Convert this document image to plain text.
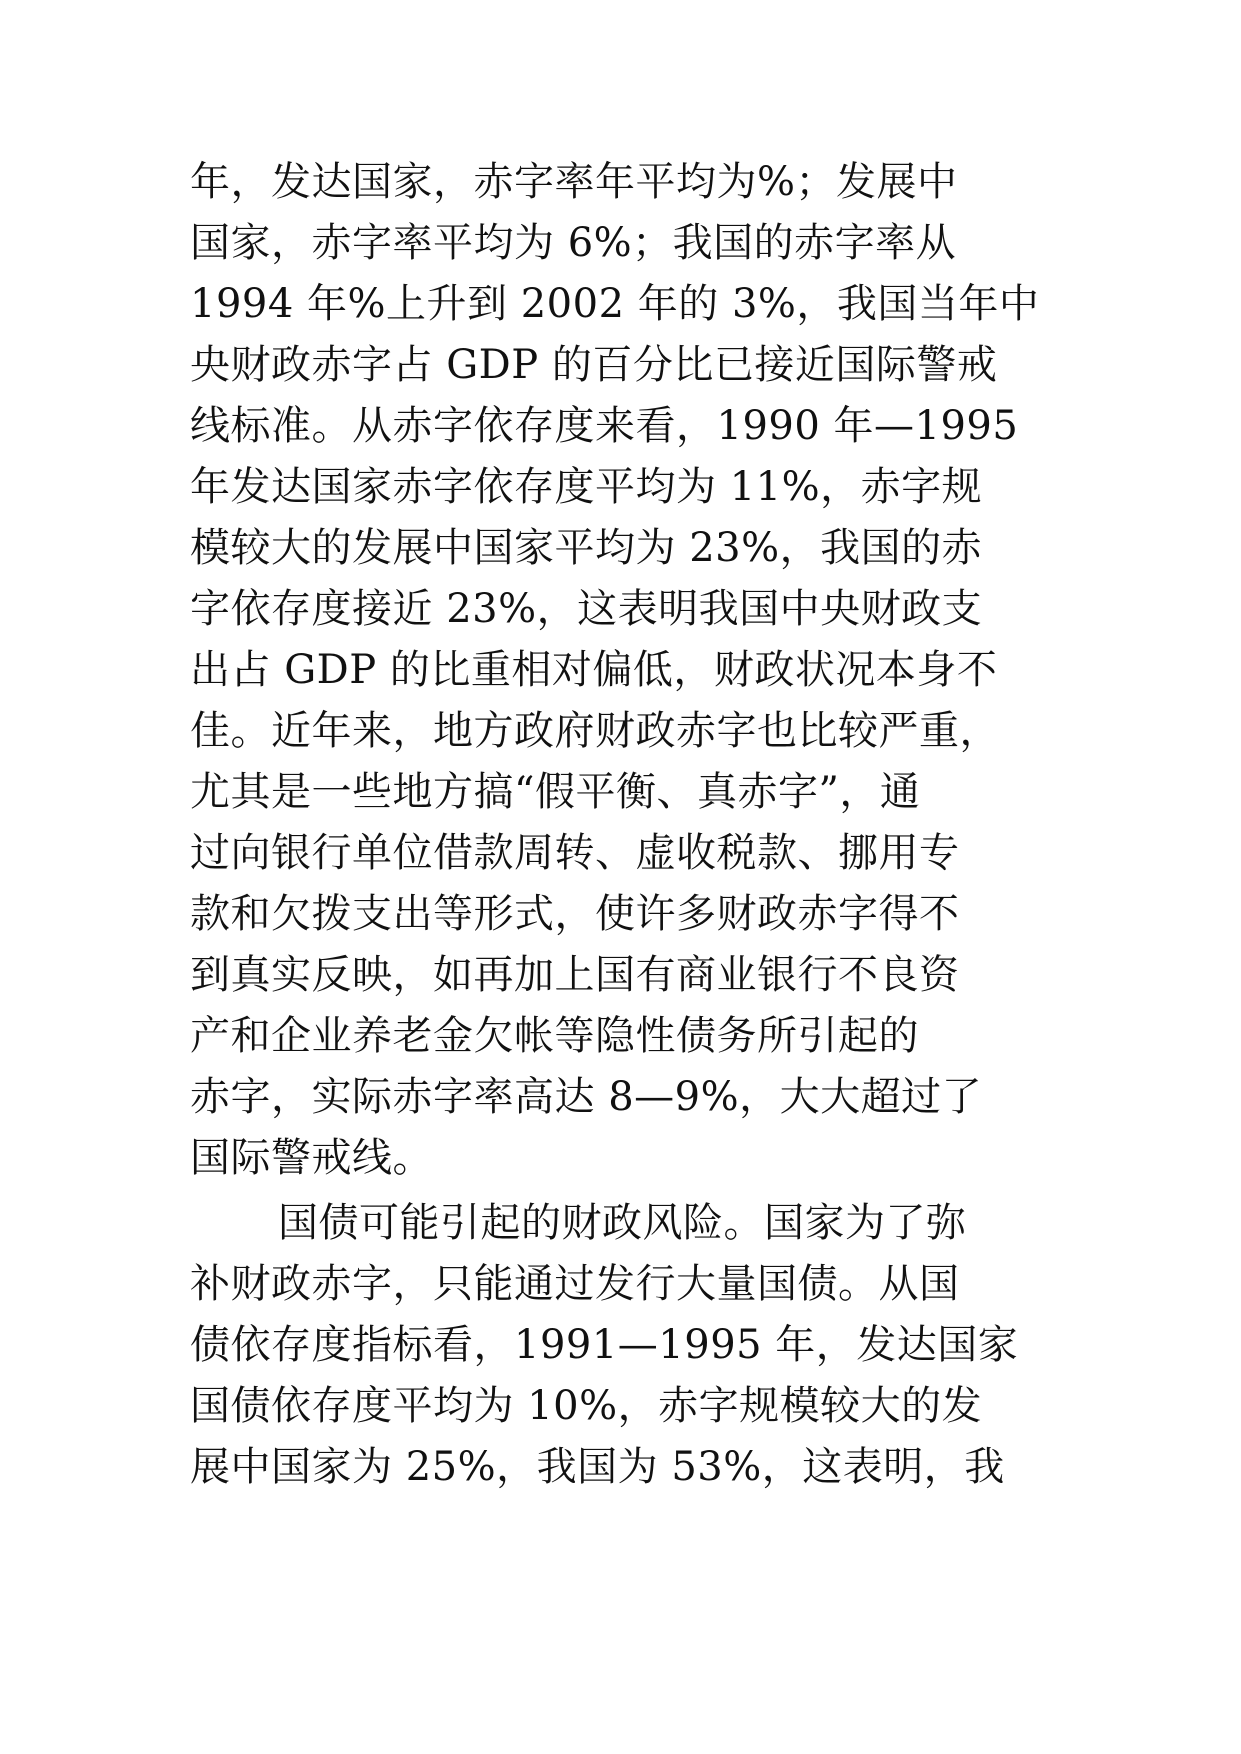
年，发达国家，赤字率年平均为%；发展中
国家，赤字率平均为 6%；我国的赤字率从
1994 年%上升到 2002 年的 3%，我国当年中
央财政赤字占 GDP 的百分比已接近国际警戒
线标准。从赤字依存度来看，1990 年—1995
年发达国家赤字依存度平均为 11%，赤字规
模较大的发展中国家平均为 23%，我国的赤
字依存度接近 23%，这表明我国中央财政支
出占 GDP 的比重相对偏低，财政状况本身不
佳。近年来，地方政府财政赤字也比较严重，
尤其是一些地方搞“假平衡、真赤字”，通
过向银行单位借款周转、虚收税款、挪用专
款和欠拨支出等形式，使许多财政赤字得不
到真实反映，如再加上国有商业银行不良资
产和企业养老金欠帐等隐性债务所引起的
赤字，实际赤字率高达 8—9%，大大超过了
国际警戒线。
国债可能引起的财政风险。国家为了弥
补财政赤字，只能通过发行大量国债。从国
债依存度指标看，1991—1995 年，发达国家
国债依存度平均为 10%，赤字规模较大的发
展中国家为 25%，我国为 53%，这表明，我
